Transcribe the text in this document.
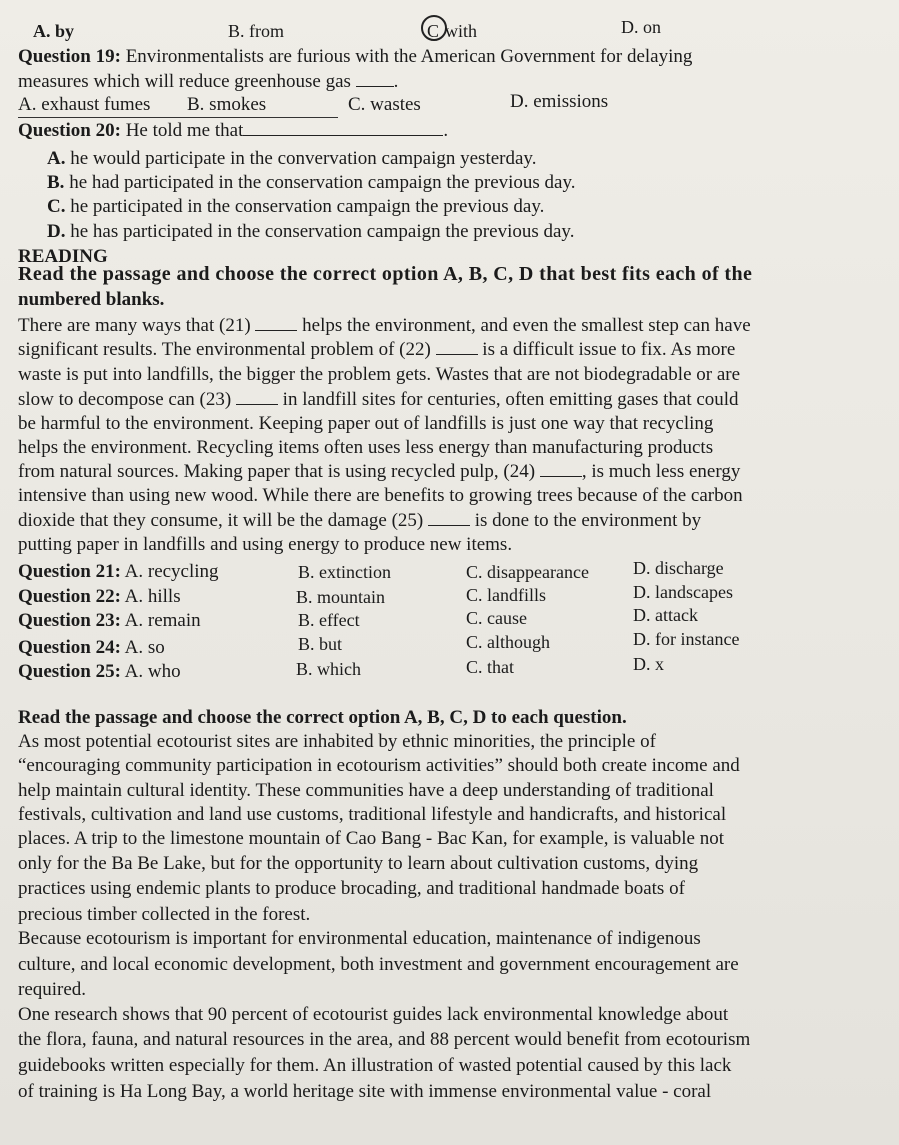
A. by	B. from	C with	D. on
Question 19: Environmentalists are furious with the American Government for delaying
measures which will reduce greenhouse gas .
A. exhaust fumes B. smokes	C. wastes	D. emissions
Question 20: He told me that	.
A. he would participate in the convervation campaign yesterday.
B. he had participated in the conservation campaign the previous day.
C. he participated in the conservation campaign the previous day.
D. he has participated in the conservation campaign the previous day.
READING
Read the passage and choose the correct option A, B, C, D that best fits each of the
numbered blanks.
There are many ways that (21)  helps the environment, and even the smallest step can have
significant results. The environmental problem of (22)  is a difficult issue to fix. As more
waste is put into landfills, the bigger the problem gets. Wastes that are not biodegradable or are
slow to decompose can (23)  in landfill sites for centuries, often emitting gases that could
be harmful to the environment. Keeping paper out of landfills is just one way that recycling
helps the environment. Recycling items often uses less energy than manufacturing products
from natural sources. Making paper that is using recycled pulp, (24) , is much less energy
intensive than using new wood. While there are benefits to growing trees because of the carbon
dioxide that they consume, it will be the damage (25)  is done to the environment by
putting paper in landfills and using energy to produce new items.
Question 21: A. recycling	B. extinction	C. disappearance D. discharge
Question 22: A. hills	B. mountain	C. landfills	D. landscapes
Question 23: A. remain	B. effect	C. cause	D. attack
Question 24: A. so	B. but	C. although	D. for instance
Question 25: A. who	B. which	C. that	D. x
Read the passage and choose the correct option A, B, C, D to each question.
As most potential ecotourist sites are inhabited by ethnic minorities, the principle of
“encouraging community participation in ecotourism activities” should both create income and
help maintain cultural identity. These communities have a deep understanding of traditional
festivals, cultivation and land use customs, traditional lifestyle and handicrafts, and historical
places. A trip to the limestone mountain of Cao Bang - Bac Kan, for example, is valuable not
only for the Ba Be Lake, but for the opportunity to learn about cultivation customs, dying
practices using endemic plants to produce brocading, and traditional handmade boats of
precious timber collected in the forest.
Because ecotourism is important for environmental education, maintenance of indigenous
culture, and local economic development, both investment and government encouragement are
required.
One research shows that 90 percent of ecotourist guides lack environmental knowledge about
the flora, fauna, and natural resources in the area, and 88 percent would benefit from ecotourism
guidebooks written especially for them. An illustration of wasted potential caused by this lack
of training is Ha Long Bay, a world heritage site with immense environmental value - coral
